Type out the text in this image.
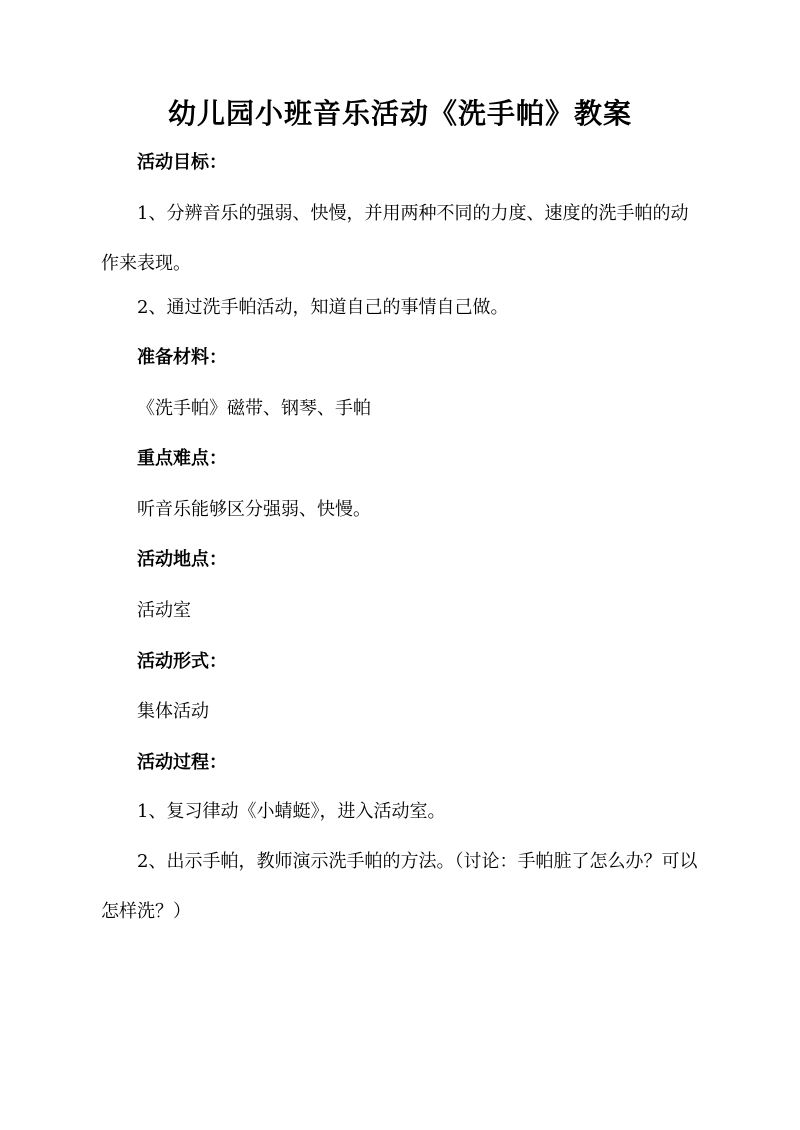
幼儿园小班音乐活动《洗手帕》教案
活动目标：
1、分辨音乐的强弱、快慢，并用两种不同的力度、速度的洗手帕的动作来表现。
2、通过洗手帕活动，知道自己的事情自己做。
准备材料：
《洗手帕》磁带、钢琴、手帕
重点难点：
听音乐能够区分强弱、快慢。
活动地点：
活动室
活动形式：
集体活动
活动过程：
1、复习律动《小蜻蜓》，进入活动室。
2、出示手帕，教师演示洗手帕的方法。（讨论：手帕脏了怎么办？可以怎样洗？）
